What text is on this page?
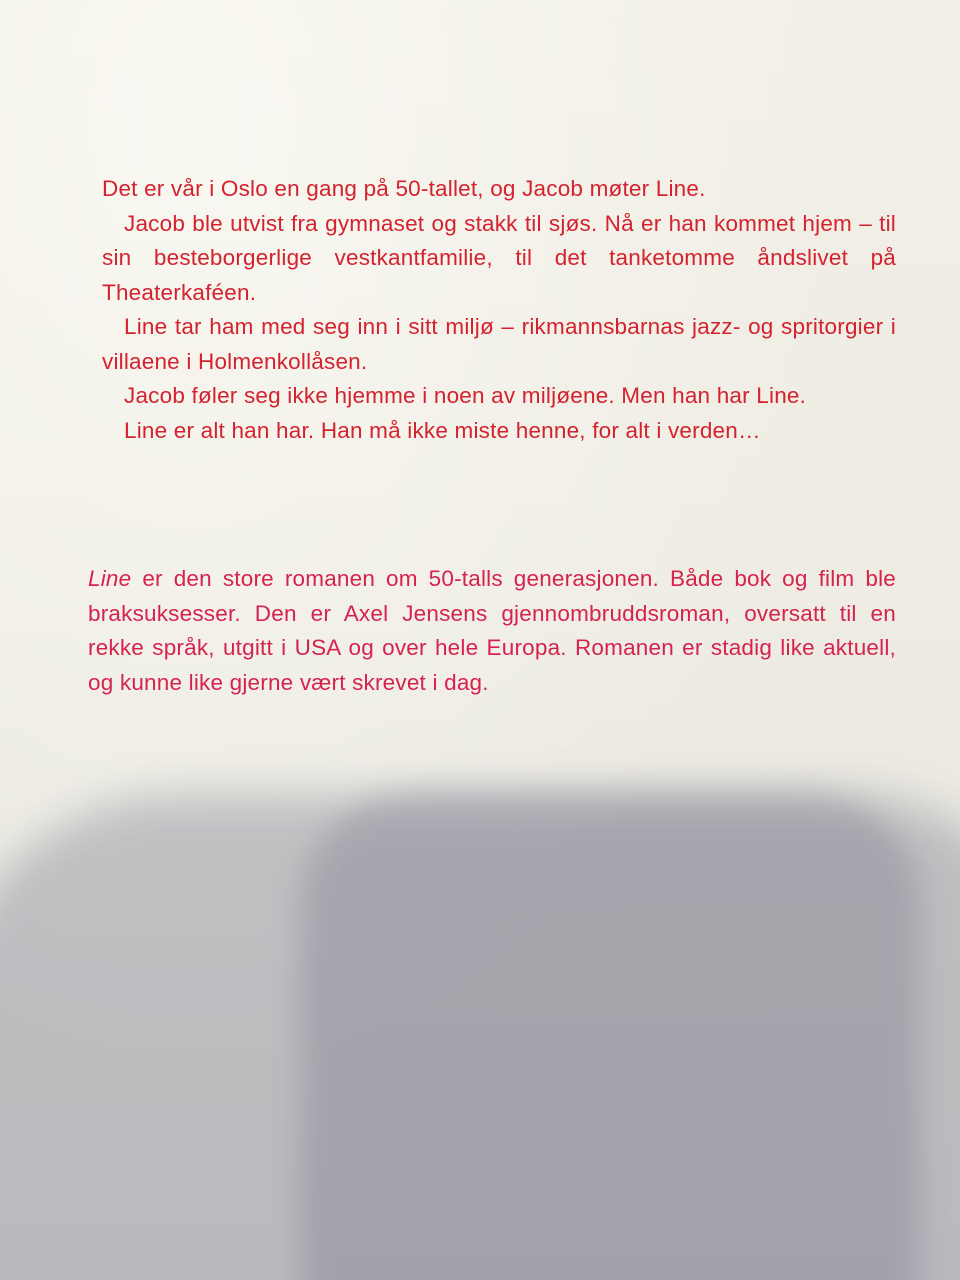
Det er vår i Oslo en gang på 50-tallet, og Jacob møter Line.

Jacob ble utvist fra gymnaset og stakk til sjøs. Nå er han kommet hjem – til sin besteborgerlige vestkantfamilie, til det tanketomme åndslivet på Theaterkaféen.

Line tar ham med seg inn i sitt miljø – rikmannsbarnas jazz- og spritorgier i villaene i Holmenkollåsen.

Jacob føler seg ikke hjemme i noen av miljøene. Men han har Line.

Line er alt han har. Han må ikke miste henne, for alt i verden…

Line er den store romanen om 50-talls generasjonen. Både bok og film ble braksuksesser. Den er Axel Jensens gjennombruddsroman, oversatt til en rekke språk, utgitt i USA og over hele Europa. Romanen er stadig like aktuell, og kunne like gjerne vært skrevet i dag.
